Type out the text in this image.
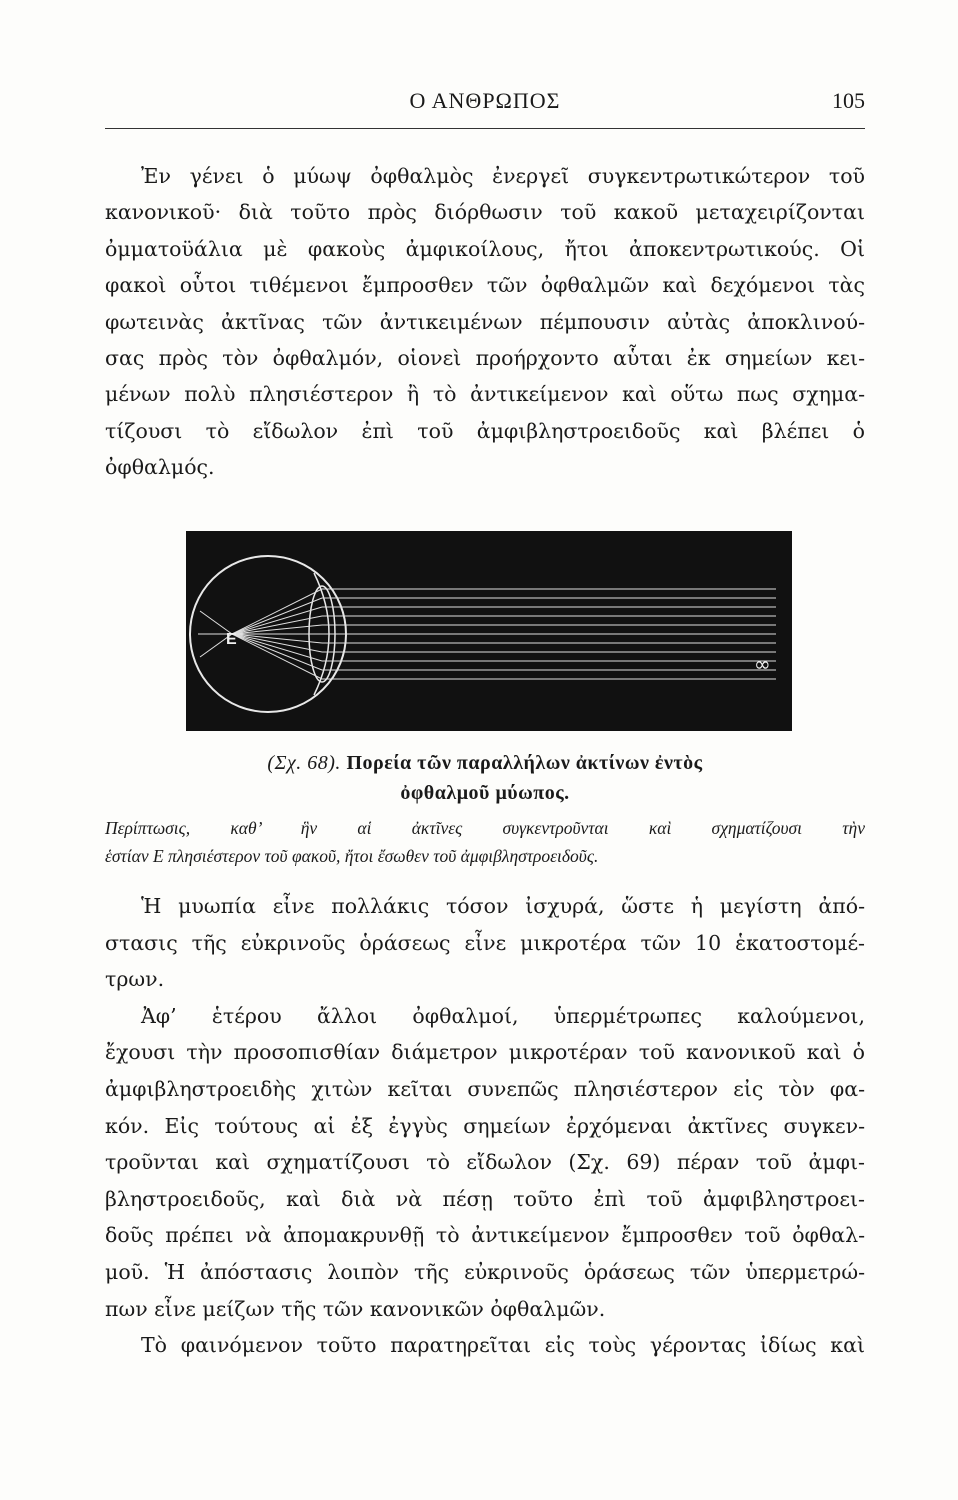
Ο ΑΝΘΡΩΠΟΣ	105
Ἐν γένει ὁ μύωψ ὀφθαλμὸς ἐνεργεῖ συγκεντρωτικώτερον τοῦ
κανονικοῦ· διὰ τοῦτο πρὸς διόρθωσιν τοῦ κακοῦ μεταχειρίζονται
ὀμματοϋάλια μὲ φακοὺς ἀμφικοίλους, ἤτοι ἀποκεντρωτικούς. Οἱ
φακοὶ οὗτοι τιθέμενοι ἔμπροσθεν τῶν ὀφθαλμῶν καὶ δεχόμενοι τὰς
φωτεινὰς ἀκτῖνας τῶν ἀντικειμένων πέμπουσιν αὐτὰς ἀποκλινού-
σας πρὸς τὸν ὀφθαλμόν, οἱονεὶ προήρχοντο αὗται ἐκ σημείων κει-
μένων πολὺ πλησιέστερον ἢ τὸ ἀντικείμενον καὶ οὕτω πως σχημα-
τίζουσι τὸ εἴδωλον ἐπὶ τοῦ ἀμφιβληστροειδοῦς καὶ βλέπει ὁ
ὀφθαλμός.
E
∞
(Σχ. 68). Πορεία τῶν παραλλήλων ἀκτίνων ἐντὸς
ὀφθαλμοῦ μύωπος.
Περίπτωσις, καθ’ ἣν αἱ ἀκτῖνες συγκεντροῦνται καὶ σχηματίζουσι τὴν
ἑστίαν Ε πλησιέστερον τοῦ φακοῦ, ἤτοι ἔσωθεν τοῦ ἀμφιβληστροειδοῦς.
Ἡ μυωπία εἶνε πολλάκις τόσον ἰσχυρά, ὥστε ἡ μεγίστη ἀπό-
στασις τῆς εὐκρινοῦς ὁράσεως εἶνε μικροτέρα τῶν 10 ἑκατοστομέ-
τρων.
Ἀφ’ ἑτέρου ἄλλοι ὀφθαλμοί, ὑπερμέτρωπες καλούμενοι,
ἔχουσι τὴν προσοπισθίαν διάμετρον μικροτέραν τοῦ κανονικοῦ καὶ ὁ
ἀμφιβληστροειδὴς χιτὼν κεῖται συνεπῶς πλησιέστερον εἰς τὸν φα-
κόν. Εἰς τούτους αἱ ἐξ ἐγγὺς σημείων ἐρχόμεναι ἀκτῖνες συγκεν-
τροῦνται καὶ σχηματίζουσι τὸ εἴδωλον (Σχ. 69) πέραν τοῦ ἀμφι-
βληστροειδοῦς, καὶ διὰ νὰ πέσῃ τοῦτο ἐπὶ τοῦ ἀμφιβληστροει-
δοῦς πρέπει νὰ ἀπομακρυνθῇ τὸ ἀντικείμενον ἔμπροσθεν τοῦ ὀφθαλ-
μοῦ. Ἡ ἀπόστασις λοιπὸν τῆς εὐκρινοῦς ὁράσεως τῶν ὑπερμετρώ-
πων εἶνε μείζων τῆς τῶν κανονικῶν ὀφθαλμῶν.
Τὸ φαινόμενον τοῦτο παρατηρεῖται εἰς τοὺς γέροντας ἰδίως καὶ
